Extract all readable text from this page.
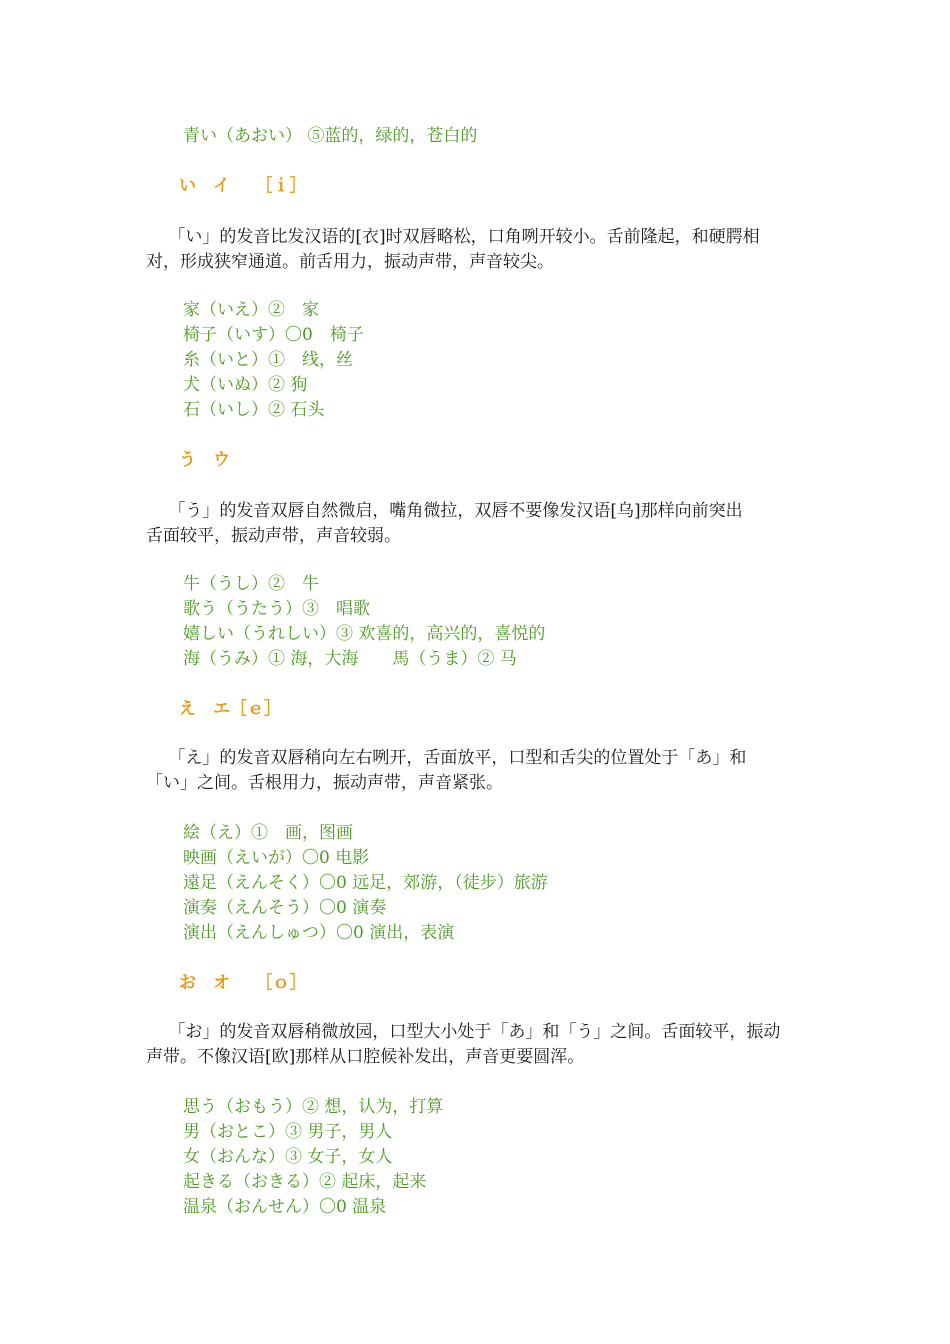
青い（あおい） ⑤蓝的，绿的，苍白的

い　イ　　［ｉ］

　 「い」的发音比发汉语的[衣]时双唇略松，口角咧开较小。舌前隆起，和硬腭相

对，形成狭窄通道。前舌用力，振动声带，声音较尖。

家（いえ）②　家

椅子（いす）〇0　椅子

糸（いと）①　线，丝

犬（いぬ）② 狗

石（いし）② 石头

う　ウ

　 「う」的发音双唇自然微启，嘴角微拉，双唇不要像发汉语[乌]那样向前突出

舌面较平，振动声带，声音较弱。

牛（うし）②　牛

歌う（うたう）③　唱歌

嬉しい（うれしい）③ 欢喜的，高兴的，喜悦的

海（うみ）① 海，大海　　馬（うま）② 马

え　エ［ｅ］

　 「え」的发音双唇稍向左右咧开，舌面放平，口型和舌尖的位置处于「あ」和

「い」之间。舌根用力，振动声带，声音紧张。

絵（え）①　画，图画

映画（えいが）〇0 电影

遠足（えんそく）〇0 远足，郊游，（徒步）旅游

演奏（えんそう）〇0 演奏

演出（えんしゅつ）〇0 演出，表演

お　オ　　［ｏ］

　 「お」的发音双唇稍微放园，口型大小处于「あ」和「う」之间。舌面较平，振动

声带。不像汉语[欧]那样从口腔候补发出，声音更要圆浑。

思う（おもう）② 想，认为，打算

男（おとこ）③ 男子，男人

女（おんな）③ 女子，女人

起きる（おきる）② 起床，起来

温泉（おんせん）〇0 温泉
